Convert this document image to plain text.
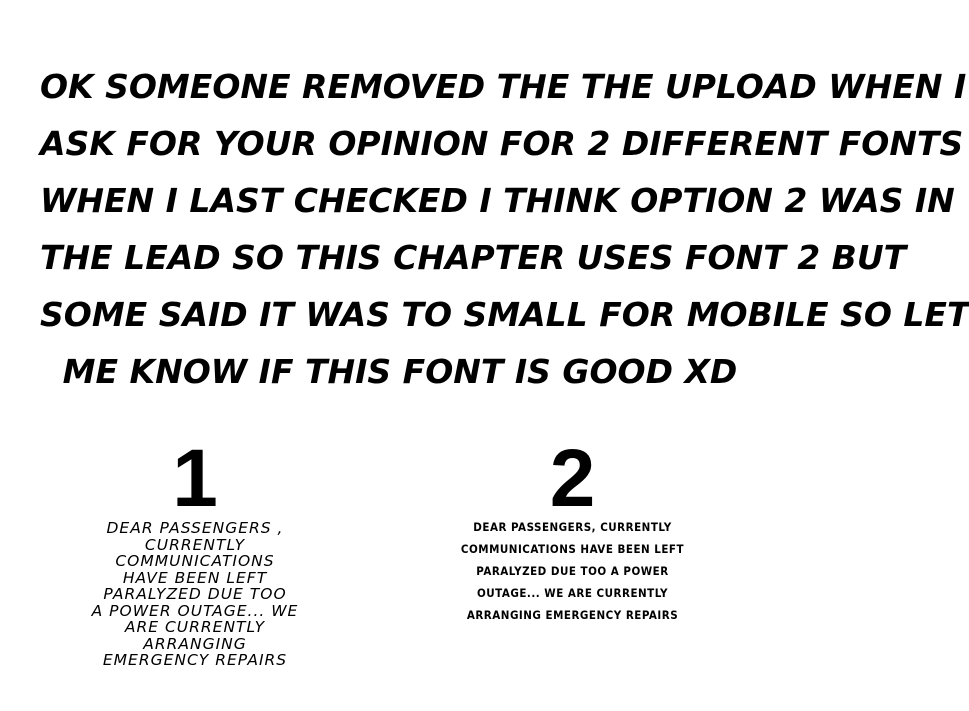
OK SOMEONE REMOVED THE THE UPLOAD WHEN I
ASK FOR YOUR OPINION FOR 2 DIFFERENT FONTS
WHEN I LAST CHECKED I THINK OPTION 2 WAS IN
THE LEAD SO THIS CHAPTER USES FONT 2 BUT
SOME SAID IT WAS TO SMALL FOR MOBILE SO LET
ME KNOW IF THIS FONT IS GOOD XD
1
DEAR PASSENGERS ,
CURRENTLY
COMMUNICATIONS
HAVE BEEN LEFT
PARALYZED DUE TOO
A POWER OUTAGE... WE
ARE CURRENTLY
ARRANGING
EMERGENCY REPAIRS
2
DEAR PASSENGERS, CURRENTLY
COMMUNICATIONS HAVE BEEN LEFT
PARALYZED DUE TOO A POWER
OUTAGE... WE ARE CURRENTLY
ARRANGING EMERGENCY REPAIRS
